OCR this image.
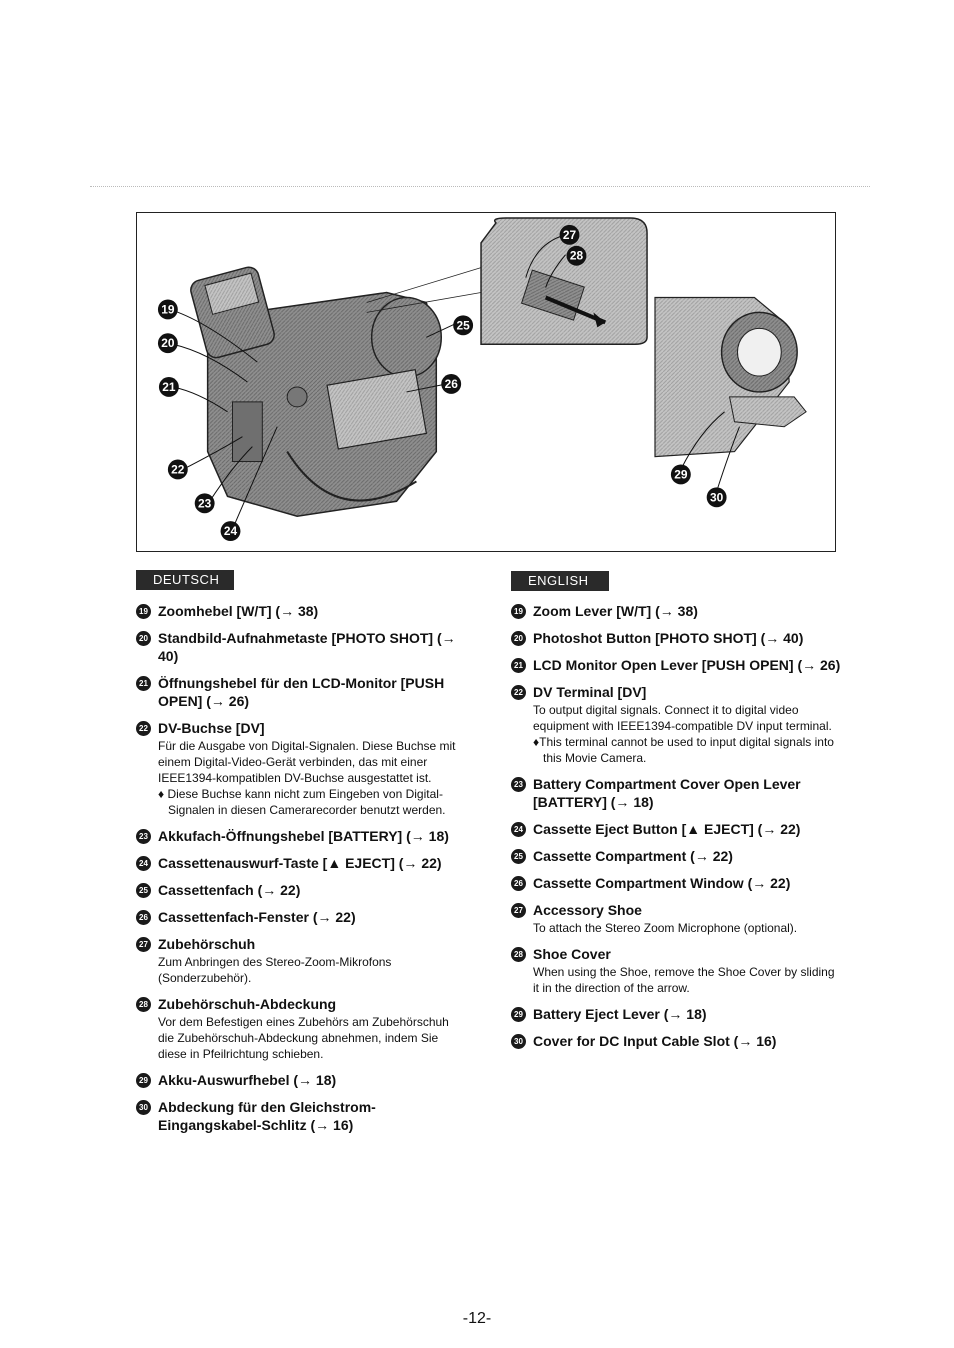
19
20
21
22
23
24
25
26
27
28
29
30
DEUTSCH
19 Zoomhebel [W/T] (→ 38)
20 Standbild-Aufnahmetaste [PHOTO SHOT] (→ 40)
21 Öffnungshebel für den LCD-Monitor [PUSH OPEN] (→ 26)
22 DV-Buchse [DV]
Für die Ausgabe von Digital-Signalen. Diese Buchse mit einem Digital-Video-Gerät verbinden, das mit einer IEEE1394-kompatiblen DV-Buchse ausgestattet ist.
♦ Diese Buchse kann nicht zum Eingeben von Digital-Signalen in diesen Camerarecorder benutzt werden.
23 Akkufach-Öffnungshebel [BATTERY] (→ 18)
24 Cassettenauswurf-Taste [▲ EJECT] (→ 22)
25 Cassettenfach (→ 22)
26 Cassettenfach-Fenster (→ 22)
27 Zubehörschuh
Zum Anbringen des Stereo-Zoom-Mikrofons (Sonderzubehör).
28 Zubehörschuh-Abdeckung
Vor dem Befestigen eines Zubehörs am Zubehörschuh die Zubehörschuh-Abdeckung abnehmen, indem Sie diese in Pfeilrichtung schieben.
29 Akku-Auswurfhebel (→ 18)
30 Abdeckung für den Gleichstrom-Eingangskabel-Schlitz (→ 16)
ENGLISH
19 Zoom Lever [W/T] (→ 38)
20 Photoshot Button [PHOTO SHOT] (→ 40)
21 LCD Monitor Open Lever [PUSH OPEN] (→ 26)
22 DV Terminal [DV]
To output digital signals. Connect it to digital video equipment with IEEE1394-compatible DV input terminal.
♦This terminal cannot be used to input digital signals into this Movie Camera.
23 Battery Compartment Cover Open Lever [BATTERY] (→ 18)
24 Cassette Eject Button [▲ EJECT] (→ 22)
25 Cassette Compartment (→ 22)
26 Cassette Compartment Window (→ 22)
27 Accessory Shoe
To attach the Stereo Zoom Microphone (optional).
28 Shoe Cover
When using the Shoe, remove the Shoe Cover by sliding it in the direction of the arrow.
29 Battery Eject Lever (→ 18)
30 Cover for DC Input Cable Slot (→ 16)
-12-
